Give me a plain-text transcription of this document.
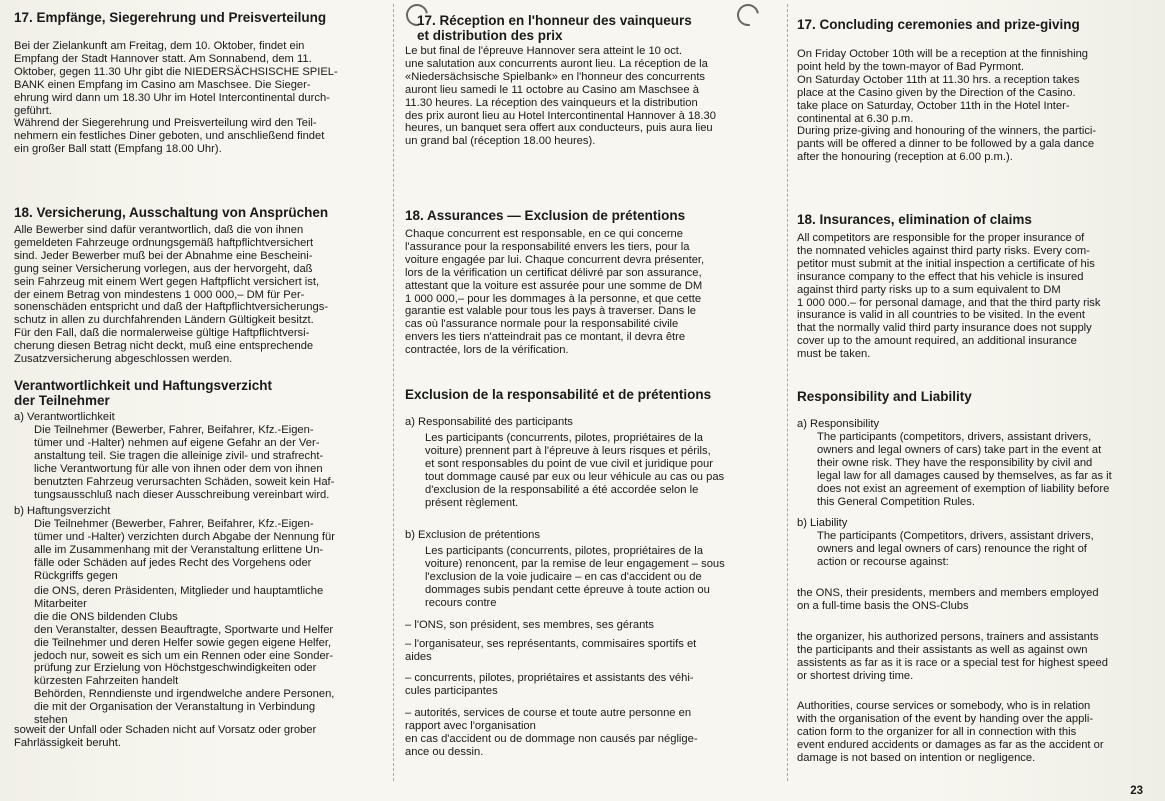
17. Empfänge, Siegerehrung und Preisverteilung

Bei der Zielankunft am Freitag, dem 10. Oktober, findet ein
Empfang der Stadt Hannover statt. Am Sonnabend, dem 11.
Oktober, gegen 11.30 Uhr gibt die NIEDERSÄCHSISCHE SPIEL-
BANK einen Empfang im Casino am Maschsee. Die Sieger-
ehrung wird dann um 18.30 Uhr im Hotel Intercontinental durch-
geführt.
Während der Siegerehrung und Preisverteilung wird den Teil-
nehmern ein festliches Diner geboten, und anschließend findet
ein großer Ball statt (Empfang 18.00 Uhr).

18. Versicherung, Ausschaltung von Ansprüchen

Alle Bewerber sind dafür verantwortlich, daß die von ihnen
gemeldeten Fahrzeuge ordnungsgemäß haftpflichtversichert
sind. Jeder Bewerber muß bei der Abnahme eine Bescheini-
gung seiner Versicherung vorlegen, aus der hervorgeht, daß
sein Fahrzeug mit einem Wert gegen Haftpflicht versichert ist,
der einem Betrag von mindestens 1 000 000,– DM für Per-
sonenschäden entspricht und daß der Haftpflichtversicherungs-
schutz in allen zu durchfahrenden Ländern Gültigkeit besitzt.
Für den Fall, daß die normalerweise gültige Haftpflichtversi-
cherung diesen Betrag nicht deckt, muß eine entsprechende
Zusatzversicherung abgeschlossen werden.

Verantwortlichkeit und Haftungsverzicht
der Teilnehmer

a) Verantwortlichkeit

Die Teilnehmer (Bewerber, Fahrer, Beifahrer, Kfz.-Eigen-
tümer und -Halter) nehmen auf eigene Gefahr an der Ver-
anstaltung teil. Sie tragen die alleinige zivil- und strafrecht-
liche Verantwortung für alle von ihnen oder dem von ihnen
benutzten Fahrzeug verursachten Schäden, soweit kein Haf-
tungsausschluß nach dieser Ausschreibung vereinbart wird.

b) Haftungsverzicht

Die Teilnehmer (Bewerber, Fahrer, Beifahrer, Kfz.-Eigen-
tümer und -Halter) verzichten durch Abgabe der Nennung für
alle im Zusammenhang mit der Veranstaltung erlittene Un-
fälle oder Schäden auf jedes Recht des Vorgehens oder
Rückgriffs gegen

die ONS, deren Präsidenten, Mitglieder und hauptamtliche
Mitarbeiter
die die ONS bildenden Clubs
den Veranstalter, dessen Beauftragte, Sportwarte und Helfer
die Teilnehmer und deren Helfer sowie gegen eigene Helfer,
jedoch nur, soweit es sich um ein Rennen oder eine Sonder-
prüfung zur Erzielung von Höchstgeschwindigkeiten oder
kürzesten Fahrzeiten handelt
Behörden, Renndienste und irgendwelche andere Personen,
die mit der Organisation der Veranstaltung in Verbindung
stehen

soweit der Unfall oder Schaden nicht auf Vorsatz oder grober
Fahrlässigkeit beruht.

17. Réception en l'honneur des vainqueurs
et distribution des prix

Le but final de l'épreuve Hannover sera atteint le 10 oct.
une salutation aux concurrents auront lieu. La réception de la
«Niedersächsische Spielbank» en l'honneur des concurrents
auront lieu samedi le 11 octobre au Casino am Maschsee à
11.30 heures. La réception des vainqueurs et la distribution
des prix auront lieu au Hotel Intercontinental Hannover à 18.30
heures, un banquet sera offert aux conducteurs, puis aura lieu
un grand bal (réception 18.00 heures).

18. Assurances — Exclusion de prétentions

Chaque concurrent est responsable, en ce qui concerne
l'assurance pour la responsabilité envers les tiers, pour la
voiture engagée par lui. Chaque concurrent devra présenter,
lors de la vérification un certificat délivré par son assurance,
attestant que la voiture est assurée pour une somme de DM
1 000 000,– pour les dommages à la personne, et que cette
garantie est valable pour tous les pays à traverser. Dans le
cas où l'assurance normale pour la responsabilité civile
envers les tiers n'atteindrait pas ce montant, il devra être
contractée, lors de la vérification.

Exclusion de la responsabilité et de prétentions

a) Responsabilité des participants

Les participants (concurrents, pilotes, propriétaires de la
voiture) prennent part à l'épreuve à leurs risques et périls,
et sont responsables du point de vue civil et juridique pour
tout dommage causé par eux ou leur véhicule au cas ou pas
d'exclusion de la responsabilité a été accordée selon le
présent règlement.

b) Exclusion de prétentions

Les participants (concurrents, pilotes, propriétaires de la
voiture) renoncent, par la remise de leur engagement – sous
l'exclusion de la voie judicaire – en cas d'accident ou de
dommages subis pendant cette épreuve à toute action ou
recours contre

– l'ONS, son président, ses membres, ses gérants

– l'organisateur, ses représentants, commisaires sportifs et
aides

– concurrents, pilotes, propriétaires et assistants des véhi-
cules participantes

– autorités, services de course et toute autre personne en
rapport avec l'organisation
en cas d'accident ou de dommage non causés par néglige-
ance ou dessin.

17. Concluding ceremonies and prize-giving

On Friday October 10th will be a reception at the finnishing
point held by the town-mayor of Bad Pyrmont.
On Saturday October 11th at 11.30 hrs. a reception takes
place at the Casino given by the Direction of the Casino.
take place on Saturday, October 11th in the Hotel Inter-
continental at 6.30 p.m.
During prize-giving and honouring of the winners, the partici-
pants will be offered a dinner to be followed by a gala dance
after the honouring (reception at 6.00 p.m.).

18. Insurances, elimination of claims

All competitors are responsible for the proper insurance of
the nomnated vehicles against third party risks. Every com-
petitor must submit at the initial inspection a certificate of his
insurance company to the effect that his vehicle is insured
against third party risks up to a sum equivalent to DM
1 000 000.– for personal damage, and that the third party risk
insurance is valid in all countries to be visited. In the event
that the normally valid third party insurance does not supply
cover up to the amount required, an additional insurance
must be taken.

Responsibility and Liability

a) Responsibility

The participants (competitors, drivers, assistant drivers,
owners and legal owners of cars) take part in the event at
their owne risk. They have the responsibility by civil and
legal law for all damages caused by themselves, as far as it
does not exist an agreement of exemption of liability before
this General Competition Rules.

b) Liability

The participants (Competitors, drivers, assistant drivers,
owners and legal owners of cars) renounce the right of
action or recourse against:

the ONS, their presidents, members and members employed
on a full-time basis the ONS-Clubs

the organizer, his authorized persons, trainers and assistants
the participants and their assistants as well as against own
assistents as far as it is race or a special test for highest speed
or shortest driving time.

Authorities, course services or somebody, who is in relation
with the organisation of the event by handing over the appli-
cation form to the organizer for all in connection with this
event endured accidents or damages as far as the accident or
damage is not based on intention or negligence.

23
